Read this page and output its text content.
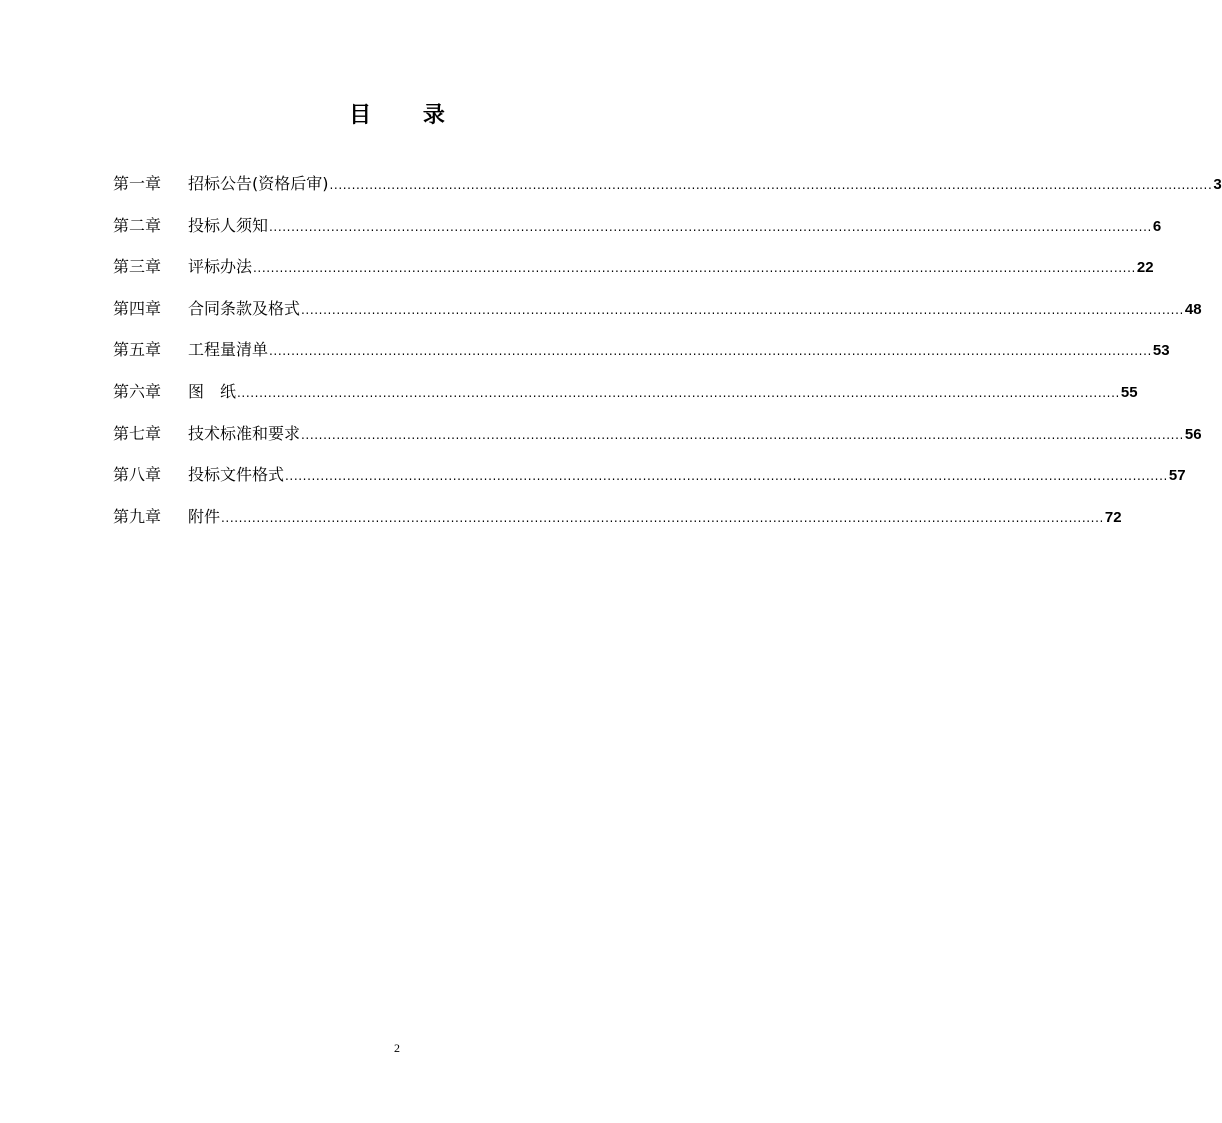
目 录
第一章	招标公告(资格后审) ........................................................................................................................................................................................................ 3
第二章	投标人须知 ........................................................................................................................................................................................................ 6
第三章	评标办法 ........................................................................................................................................................................................................ 22
第四章	合同条款及格式 ........................................................................................................................................................................................................ 48
第五章	工程量清单 ........................................................................................................................................................................................................ 53
第六章	图　纸 ........................................................................................................................................................................................................ 55
第七章	技术标准和要求 ........................................................................................................................................................................................................ 56
第八章	投标文件格式 ........................................................................................................................................................................................................ 57
第九章	附件 ........................................................................................................................................................................................................ 72
2
